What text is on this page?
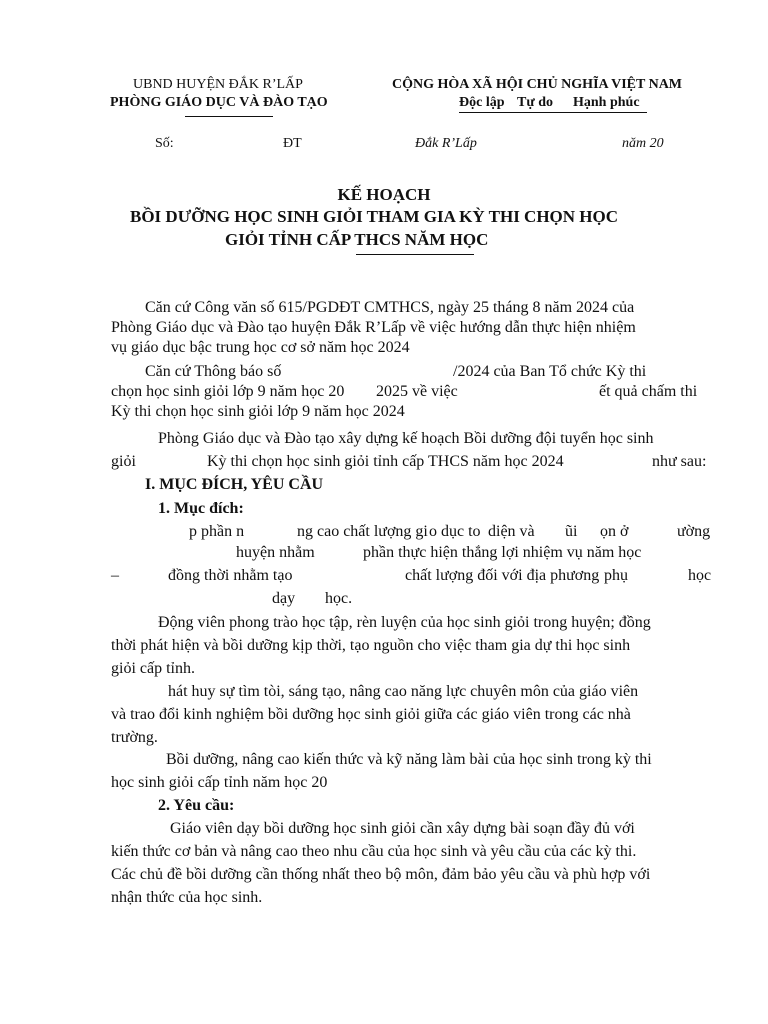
UBND HUYỆN ĐẮK R’LẤP
PHÒNG GIÁO DỤC VÀ ĐÀO TẠO
CỘNG HÒA XÃ HỘI CHỦ NGHĨA VIỆT NAM
Độc lập Tự do Hạnh phúc
Số:	ĐT	Đắk R’Lấp	năm 20
KẾ HOẠCH
BỒI DƯỠNG HỌC SINH GIỎI THAM GIA KỲ THI CHỌN HỌC
GIỎI TỈNH CẤP THCS NĂM HỌC
Căn cứ Công văn số 615/PGDĐT CMTHCS, ngày 25 tháng 8 năm 2024 của
Phòng Giáo dục và Đào tạo huyện Đắk R’Lấp về việc hướng dẫn thực hiện nhiệm
vụ giáo dục bậc trung học cơ sở năm học 2024
Căn cứ Thông báo số	/2024 của Ban Tổ chức Kỳ thi
chọn học sinh giỏi lớp 9 năm học 20 2025 về việc	ết quả chấm thi
Kỳ thi chọn học sinh giỏi lớp 9 năm học 2024
Phòng Giáo dục và Đào tạo xây dựng kế hoạch Bồi dưỡng đội tuyển học sinh
giỏi	Kỳ thi chọn học sinh giỏi tỉnh cấp THCS năm học 2024	như sau:
I. MỤC ĐÍCH, YÊU CẦU
1. Mục đích:
p phần n	ng cao chất lượng gi o dục to diện và ũi ọn ở	ường
huyện nhằm	phần thực hiện thắng lợi nhiệm vụ năm học
–	đồng thời nhằm tạo	chất lượng đối với địa phương phụ	học
dạy học.
Động viên phong trào học tập, rèn luyện của học sinh giỏi trong huyện; đồng
thời phát hiện và bồi dưỡng kịp thời, tạo nguồn cho việc tham gia dự thi học sinh
giỏi cấp tỉnh.
hát huy sự tìm tòi, sáng tạo, nâng cao năng lực chuyên môn của giáo viên
và trao đổi kinh nghiệm bồi dưỡng học sinh giỏi giữa các giáo viên trong các nhà
trường.
Bồi dưỡng, nâng cao kiến thức và kỹ năng làm bài của học sinh trong kỳ thi
học sinh giỏi cấp tỉnh năm học 20
2. Yêu cầu:
Giáo viên dạy bồi dưỡng học sinh giỏi cần xây dựng bài soạn đầy đủ với
kiến thức cơ bản và nâng cao theo nhu cầu của học sinh và yêu cầu của các kỳ thi.
Các chủ đề bồi dưỡng cần thống nhất theo bộ môn, đảm bảo yêu cầu và phù hợp với
nhận thức của học sinh.
